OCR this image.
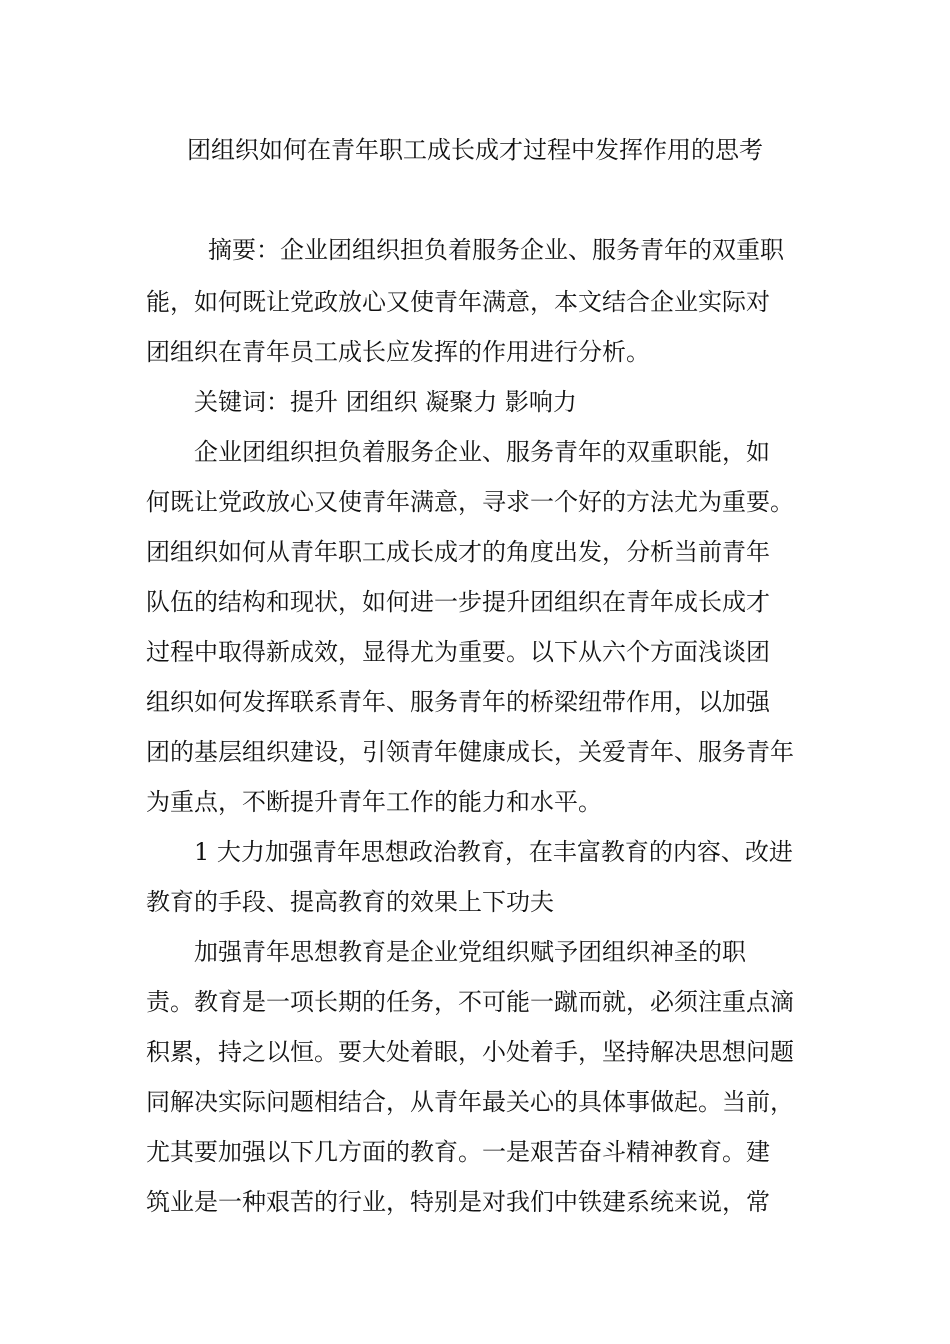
团组织如何在青年职工成长成才过程中发挥作用的思考
摘要：企业团组织担负着服务企业、服务青年的双重职
能，如何既让党政放心又使青年满意，本文结合企业实际对
团组织在青年员工成长应发挥的作用进行分析。
关键词：提升 团组织 凝聚力 影响力
企业团组织担负着服务企业、服务青年的双重职能，如
何既让党政放心又使青年满意，寻求一个好的方法尤为重要。
团组织如何从青年职工成长成才的角度出发，分析当前青年
队伍的结构和现状，如何进一步提升团组织在青年成长成才
过程中取得新成效，显得尤为重要。以下从六个方面浅谈团
组织如何发挥联系青年、服务青年的桥梁纽带作用，以加强
团的基层组织建设，引领青年健康成长，关爱青年、服务青年
为重点，不断提升青年工作的能力和水平。
1 大力加强青年思想政治教育，在丰富教育的内容、改进
教育的手段、提高教育的效果上下功夫
加强青年思想教育是企业党组织赋予团组织神圣的职
责。教育是一项长期的任务，不可能一蹴而就，必须注重点滴
积累，持之以恒。要大处着眼，小处着手，坚持解决思想问题
同解决实际问题相结合，从青年最关心的具体事做起。当前，
尤其要加强以下几方面的教育。一是艰苦奋斗精神教育。建
筑业是一种艰苦的行业，特别是对我们中铁建系统来说，常
